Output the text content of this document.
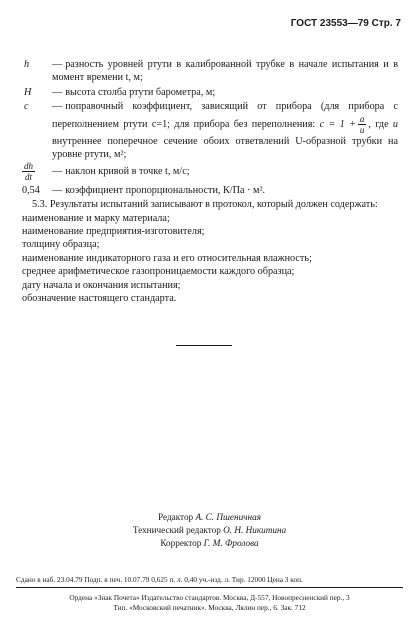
ГОСТ 23553—79 Стр. 7
h — разность уровней ртути в калиброванной трубке в начале испытания и в момент времени t, м;
H — высота столба ртути барометра, м;
c — поправочный коэффициент, зависящий от прибора (для прибора с переполнением ртути c=1; для прибора без переполнения: $c = 1 + \frac{a}{u}$ , где u внутреннее поперечное сечение обоих ответвлений U-образной трубки на уровне ртути, м²;
dh
dt — наклон кривой в точке t, м/с;
0,54 — коэффициент пропорциональности, К/Па · м².
5.3. Результаты испытаний записывают в протокол, который должен содержать:
наименование и марку материала;
наименование предприятия-изготовителя;
толщину образца;
наименование индикаторного газа и его относительная влажность;
среднее арифметическое газопроницаемости каждого образца;
дату начала и окончания испытания;
обозначение настоящего стандарта.
Редактор А. С. Пшеничная
Технический редактор О. Н. Никитина
Корректор Г. М. Фролова
Сдано в наб. 23.04.79 Подп. в печ. 10.07.79 0,625 п. л. 0,40 уч.-изд. л. Тир. 12000 Цена 3 коп.
Ордена «Знак Почета» Издательство стандартов. Москва, Д-557, Новопресненский пер., 3
Тип. «Московский печатник». Москва, Лялин пер., 6. Зак. 712
